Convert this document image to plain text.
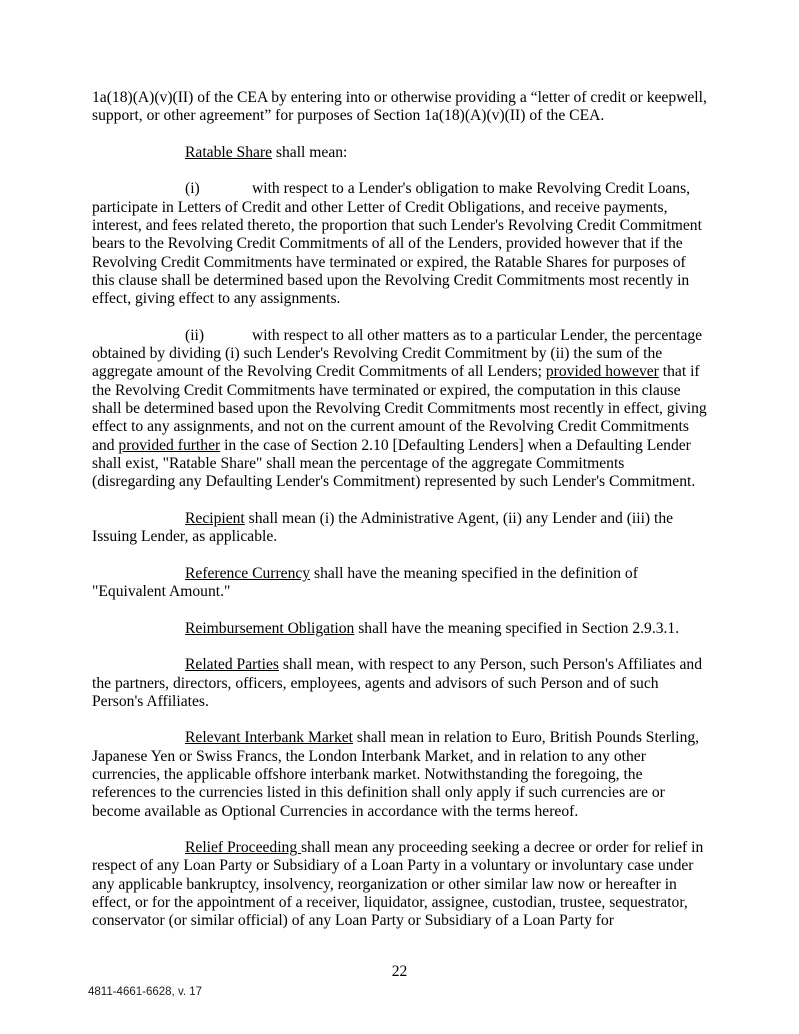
1a(18)(A)(v)(II) of the CEA by entering into or otherwise providing a “letter of credit or keepwell, support, or other agreement” for purposes of Section 1a(18)(A)(v)(II) of the CEA.

Ratable Share shall mean:

(i)	with respect to a Lender's obligation to make Revolving Credit Loans, participate in Letters of Credit and other Letter of Credit Obligations, and receive payments, interest, and fees related thereto, the proportion that such Lender's Revolving Credit Commitment bears to the Revolving Credit Commitments of all of the Lenders, provided however that if the Revolving Credit Commitments have terminated or expired, the Ratable Shares for purposes of this clause shall be determined based upon the Revolving Credit Commitments most recently in effect, giving effect to any assignments.

(ii)	with respect to all other matters as to a particular Lender, the percentage obtained by dividing (i) such Lender's Revolving Credit Commitment by (ii) the sum of the aggregate amount of the Revolving Credit Commitments of all Lenders; provided however that if the Revolving Credit Commitments have terminated or expired, the computation in this clause shall be determined based upon the Revolving Credit Commitments most recently in effect, giving effect to any assignments, and not on the current amount of the Revolving Credit Commitments and provided further in the case of Section 2.10 [Defaulting Lenders] when a Defaulting Lender shall exist, "Ratable Share" shall mean the percentage of the aggregate Commitments (disregarding any Defaulting Lender's Commitment) represented by such Lender's Commitment.

Recipient shall mean (i) the Administrative Agent, (ii) any Lender and (iii) the Issuing Lender, as applicable.

Reference Currency shall have the meaning specified in the definition of "Equivalent Amount."

Reimbursement Obligation shall have the meaning specified in Section 2.9.3.1.

Related Parties shall mean, with respect to any Person, such Person's Affiliates and the partners, directors, officers, employees, agents and advisors of such Person and of such Person's Affiliates.

Relevant Interbank Market shall mean in relation to Euro, British Pounds Sterling, Japanese Yen or Swiss Francs, the London Interbank Market, and in relation to any other currencies, the applicable offshore interbank market. Notwithstanding the foregoing, the references to the currencies listed in this definition shall only apply if such currencies are or become available as Optional Currencies in accordance with the terms hereof.

Relief Proceeding shall mean any proceeding seeking a decree or order for relief in respect of any Loan Party or Subsidiary of a Loan Party in a voluntary or involuntary case under any applicable bankruptcy, insolvency, reorganization or other similar law now or hereafter in effect, or for the appointment of a receiver, liquidator, assignee, custodian, trustee, sequestrator, conservator (or similar official) of any Loan Party or Subsidiary of a Loan Party for

22
4811-4661-6628, v. 17
